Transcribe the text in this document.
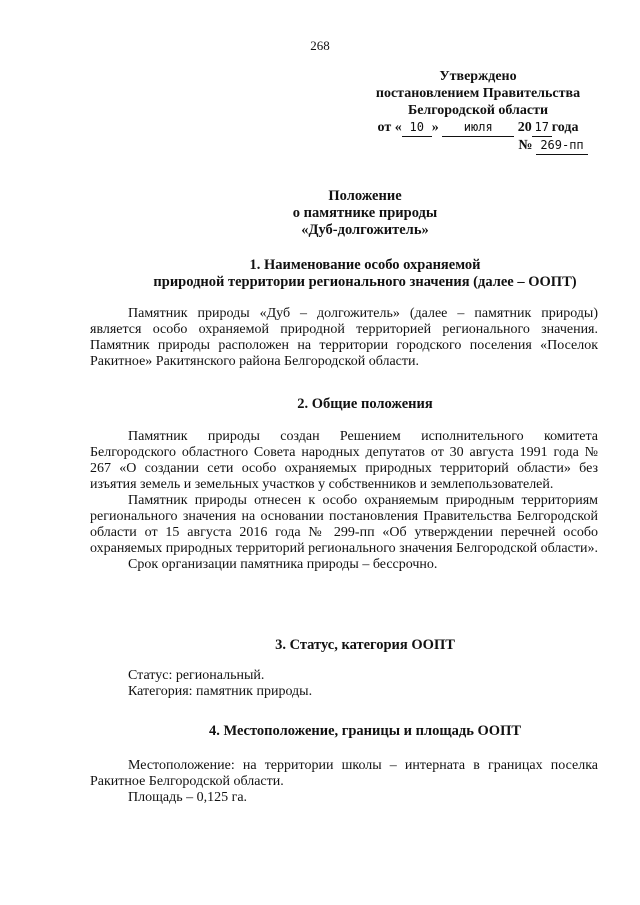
268
Утверждено
постановлением Правительства
Белгородской области
от « 10 » июля 20 17 года
№ 269-пп
Положение
о памятнике природы
«Дуб-долгожитель»
1. Наименование особо охраняемой
природной территории регионального значения (далее – ООПТ)

Памятник природы «Дуб – долгожитель» (далее – памятник природы) является особо охраняемой природной территорией регионального значения. Памятник природы расположен на территории городского поселения «Поселок Ракитное» Ракитянского района Белгородской области.

2. Общие положения

Памятник природы создан Решением исполнительного комитета Белгородского областного Совета народных депутатов от 30 августа 1991 года № 267 «О создании сети особо охраняемых природных территорий области» без изъятия земель и земельных участков у собственников и землепользователей.

Памятник природы отнесен к особо охраняемым природным территориям регионального значения на основании постановления Правительства Белгородской области от 15 августа 2016 года № 299-пп «Об утверждении перечней особо охраняемых природных территорий регионального значения Белгородской области».

Срок организации памятника природы – бессрочно.

3. Статус, категория ООПТ

Статус: региональный.

Категория: памятник природы.

4. Местоположение, границы и площадь ООПТ

Местоположение: на территории школы – интерната в границах поселка Ракитное Белгородской области.

Площадь – 0,125 га.
